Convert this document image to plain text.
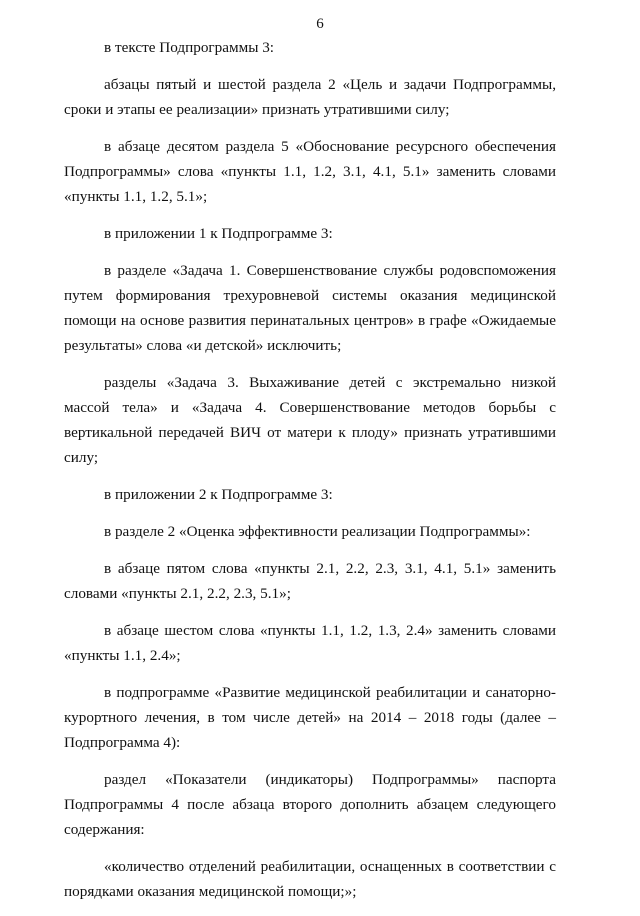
6

в тексте Подпрограммы 3:

абзацы пятый и шестой раздела 2 «Цель и задачи Подпрограммы, сроки и этапы ее реализации» признать утратившими силу;

в абзаце десятом раздела 5 «Обоснование ресурсного обеспечения Подпрограммы» слова «пункты 1.1, 1.2, 3.1, 4.1, 5.1» заменить словами «пункты 1.1, 1.2, 5.1»;

в приложении 1 к Подпрограмме 3:

в разделе «Задача 1. Совершенствование службы родовспоможения путем формирования трехуровневой системы оказания медицинской помощи на основе развития перинатальных центров» в графе «Ожидаемые результаты» слова «и детской» исключить;

разделы «Задача 3. Выхаживание детей с экстремально низкой массой тела» и «Задача 4. Совершенствование методов борьбы с вертикальной передачей ВИЧ от матери к плоду» признать утратившими силу;

в приложении 2 к Подпрограмме 3:

в разделе 2 «Оценка эффективности реализации Подпрограммы»:

в абзаце пятом слова «пункты 2.1, 2.2, 2.3, 3.1, 4.1, 5.1» заменить словами «пункты 2.1, 2.2, 2.3, 5.1»;

в абзаце шестом слова «пункты 1.1, 1.2, 1.3, 2.4» заменить словами «пункты 1.1, 2.4»;

в подпрограмме «Развитие медицинской реабилитации и санаторно-курортного лечения, в том числе детей» на 2014 – 2018 годы (далее – Подпрограмма 4):

раздел «Показатели (индикаторы) Подпрограммы» паспорта Подпрограммы 4 после абзаца второго дополнить абзацем следующего содержания:

«количество отделений реабилитации, оснащенных в соответствии с порядками оказания медицинской помощи;»;
